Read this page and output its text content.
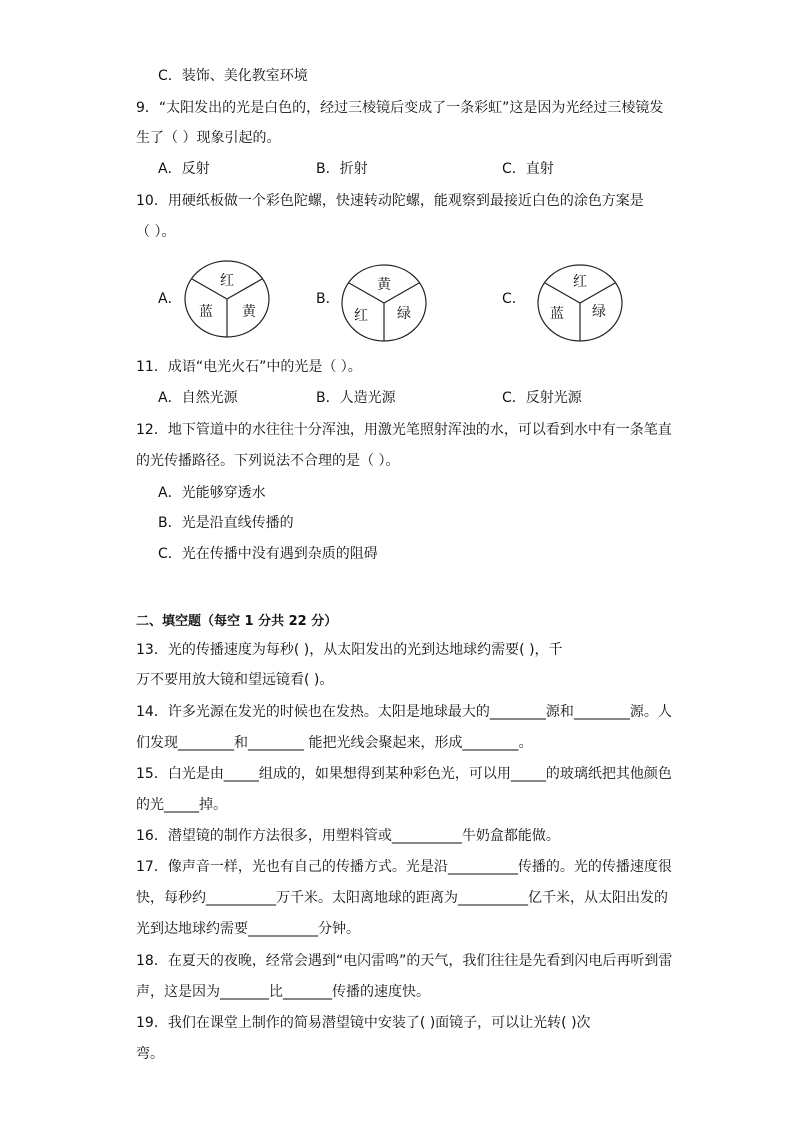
C．装饰、美化教室环境
9．“太阳发出的光是白色的，经过三棱镜后变成了一条彩虹”这是因为光经过三棱镜发
生了（ ）现象引起的。
A．反射	B．折射	C．直射
10．用硬纸板做一个彩色陀螺，快速转动陀螺，能观察到最接近白色的涂色方案是
（ ）。
A．
红
蓝 黄
B．
黄
红 绿
C．
红
蓝 绿
11．成语“电光火石”中的光是（ ）。
A．自然光源	B．人造光源	C．反射光源
12．地下管道中的水往往十分浑浊，用激光笔照射浑浊的水，可以看到水中有一条笔直
的光传播路径。下列说法不合理的是（ ）。
A．光能够穿透水
B．光是沿直线传播的
C．光在传播中没有遇到杂质的阻碍
二、填空题（每空 1 分共 22 分）
13．光的传播速度为每秒( )，从太阳发出的光到达地球约需要( )，千
万不要用放大镜和望远镜看( )。
14．许多光源在发光的时候也在发热。太阳是地球最大的________源和________源。人
们发现________和________ 能把光线会聚起来，形成________。
15．白光是由_____组成的，如果想得到某种彩色光，可以用_____的玻璃纸把其他颜色
的光_____掉。
16．潜望镜的制作方法很多，用塑料管或__________牛奶盒都能做。
17．像声音一样，光也有自己的传播方式。光是沿__________传播的。光的传播速度很
快，每秒约__________万千米。太阳离地球的距离为__________亿千米，从太阳出发的
光到达地球约需要__________分钟。
18．在夏天的夜晚，经常会遇到“电闪雷鸣”的天气，我们往往是先看到闪电后再听到雷
声，这是因为_______比_______传播的速度快。
19．我们在课堂上制作的简易潜望镜中安装了( )面镜子，可以让光转( )次
弯。
